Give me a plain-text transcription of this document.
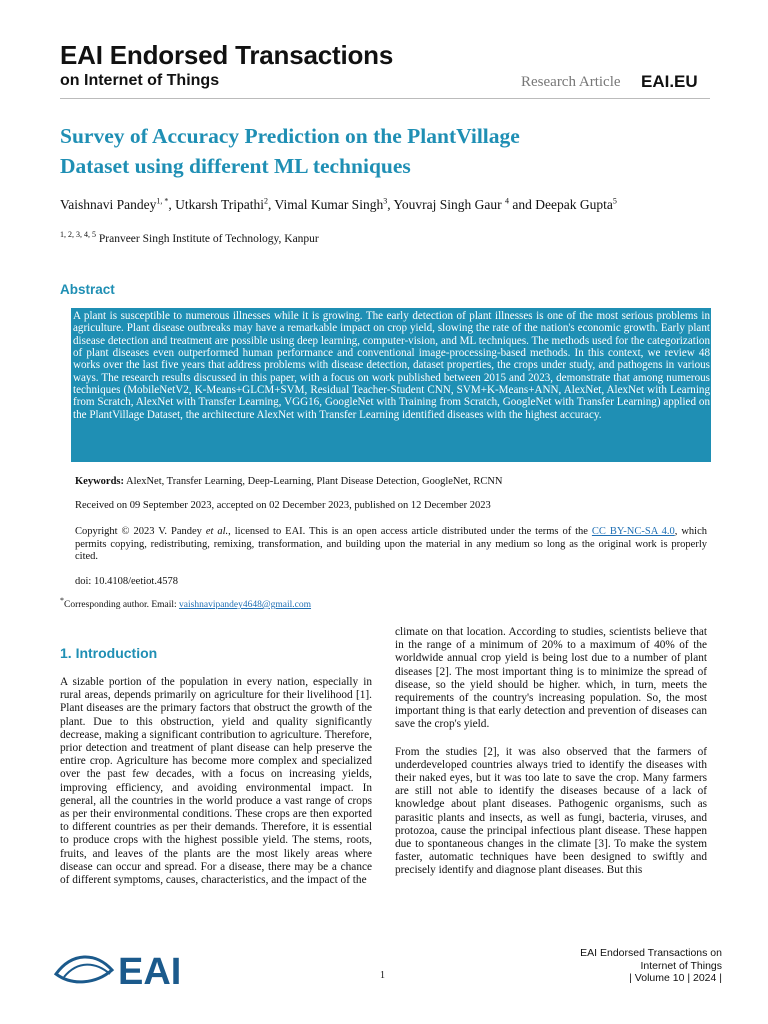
EAI Endorsed Transactions
on Internet of Things	Research Article EAI.EU
Survey of Accuracy Prediction on the PlantVillage
Dataset using different ML techniques
Vaishnavi Pandey$^{1, *}$, Utkarsh Tripathi$^2$, Vimal Kumar Singh$^3$, Youvraj Singh Gaur $^4$ and Deepak Gupta$^5$
$^{1, 2, 3, 4, 5}$ Pranveer Singh Institute of Technology, Kanpur
Abstract
A plant is susceptible to numerous illnesses while it is growing. The early detection of plant illnesses is one of the most serious problems in agriculture. Plant disease outbreaks may have a remarkable impact on crop yield, slowing the rate of the nation's economic growth. Early plant disease detection and treatment are possible using deep learning, computer-vision, and ML techniques. The methods used for the categorization of plant diseases even outperformed human performance and conventional image-processing-based methods. In this context, we review 48 works over the last five years that address problems with disease detection, dataset properties, the crops under study, and pathogens in various ways. The research results discussed in this paper, with a focus on work published between 2015 and 2023, demonstrate that among numerous techniques (MobileNetV2, K-Means+GLCM+SVM, Residual Teacher-Student CNN, SVM+K-Means+ANN, AlexNet, AlexNet with Learning from Scratch, AlexNet with Transfer Learning, VGG16, GoogleNet with Training from Scratch, GoogleNet with Transfer Learning) applied on the PlantVillage Dataset, the architecture AlexNet with Transfer Learning identified diseases with the highest accuracy.
Keywords: AlexNet, Transfer Learning, Deep-Learning, Plant Disease Detection, GoogleNet, RCNN
Received on 09 September 2023, accepted on 02 December 2023, published on 12 December 2023
Copyright © 2023 V. Pandey et al., licensed to EAI. This is an open access article distributed under the terms of the CC BY-NC-SA 4.0, which permits copying, redistributing, remixing, transformation, and building upon the material in any medium so long as the original work is properly cited.
doi: 10.4108/eetiot.4578
*Corresponding author. Email: vaishnavipandey4648@gmail.com
1. Introduction

A sizable portion of the population in every nation, especially in rural areas, depends primarily on agriculture for their livelihood [1]. Plant diseases are the primary factors that obstruct the growth of the plant. Due to this obstruction, yield and quality significantly decrease, making a significant contribution to agriculture. Therefore, prior detection and treatment of plant disease can help preserve the entire crop. Agriculture has become more complex and specialized over the past few decades, with a focus on increasing yields, improving efficiency, and avoiding environmental impact. In general, all the countries in the world produce a vast range of crops as per their environmental conditions. These crops are then exported to different countries as per their demands. Therefore, it is essential to produce crops with the highest possible yield. The stems, roots, fruits, and leaves of the plants are the most likely areas where disease can occur and spread. For a disease, there may be a chance of different symptoms, causes, characteristics, and the impact of the

climate on that location. According to studies, scientists believe that in the range of a minimum of 20% to a maximum of 40% of the worldwide annual crop yield is being lost due to a number of plant diseases [2]. The most important thing is to minimize the spread of disease, so the yield should be higher. which, in turn, meets the requirements of the country's increasing population. So, the most important thing is that early detection and prevention of diseases can save the crop's yield.

From the studies [2], it was also observed that the farmers of underdeveloped countries always tried to identify the diseases with their naked eyes, but it was too late to save the crop. Many farmers are still not able to identify the diseases because of a lack of knowledge about plant diseases. Pathogenic organisms, such as parasitic plants and insects, as well as fungi, bacteria, viruses, and protozoa, cause the principal infectious plant disease. These happen due to spontaneous changes in the climate [3]. To make the system faster, automatic techniques have been designed to swiftly and precisely identify and diagnose plant diseases. But this

EAI	1
EAI Endorsed Transactions on
Internet of Things
| Volume 10 | 2024 |
